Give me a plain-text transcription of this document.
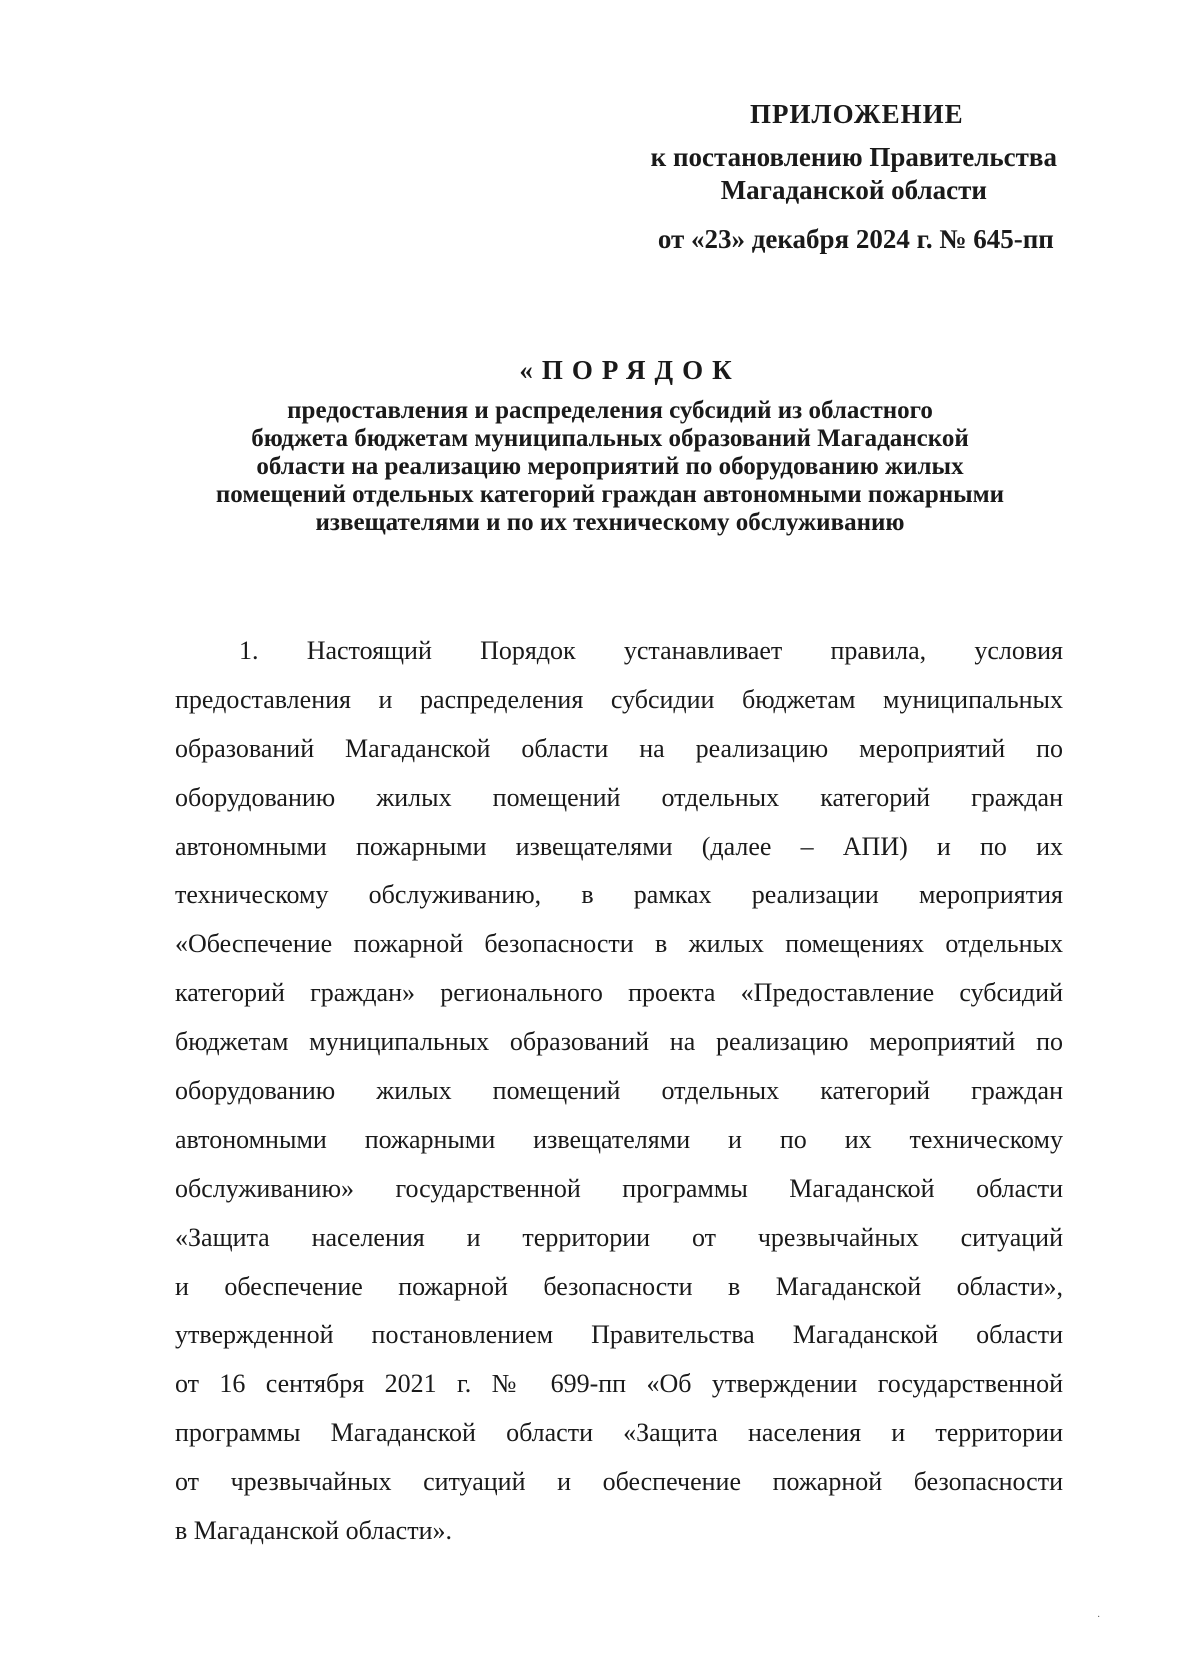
ПРИЛОЖЕНИЕ
к постановлению Правительства
Магаданской области
от «23» декабря 2024 г. № 645-пп
«ПОРЯДОК
предоставления и распределения субсидий из областного
бюджета бюджетам муниципальных образований Магаданской
области на реализацию мероприятий по оборудованию жилых
помещений отдельных категорий граждан автономными пожарными
извещателями и по их техническому обслуживанию
1. Настоящий Порядок устанавливает правила, условия
предоставления и распределения субсидии бюджетам муниципальных
образований Магаданской области на реализацию мероприятий по
оборудованию жилых помещений отдельных категорий граждан
автономными пожарными извещателями (далее – АПИ) и по их
техническому обслуживанию, в рамках реализации мероприятия
«Обеспечение пожарной безопасности в жилых помещениях отдельных
категорий граждан» регионального проекта «Предоставление субсидий
бюджетам муниципальных образований на реализацию мероприятий по
оборудованию жилых помещений отдельных категорий граждан
автономными пожарными извещателями и по их техническому
обслуживанию» государственной программы Магаданской области
«Защита населения и территории от чрезвычайных ситуаций
и обеспечение пожарной безопасности в Магаданской области»,
утвержденной постановлением Правительства Магаданской области
от 16 сентября 2021 г. № 699-пп «Об утверждении государственной
программы Магаданской области «Защита населения и территории
от чрезвычайных ситуаций и обеспечение пожарной безопасности
в Магаданской области».
·
